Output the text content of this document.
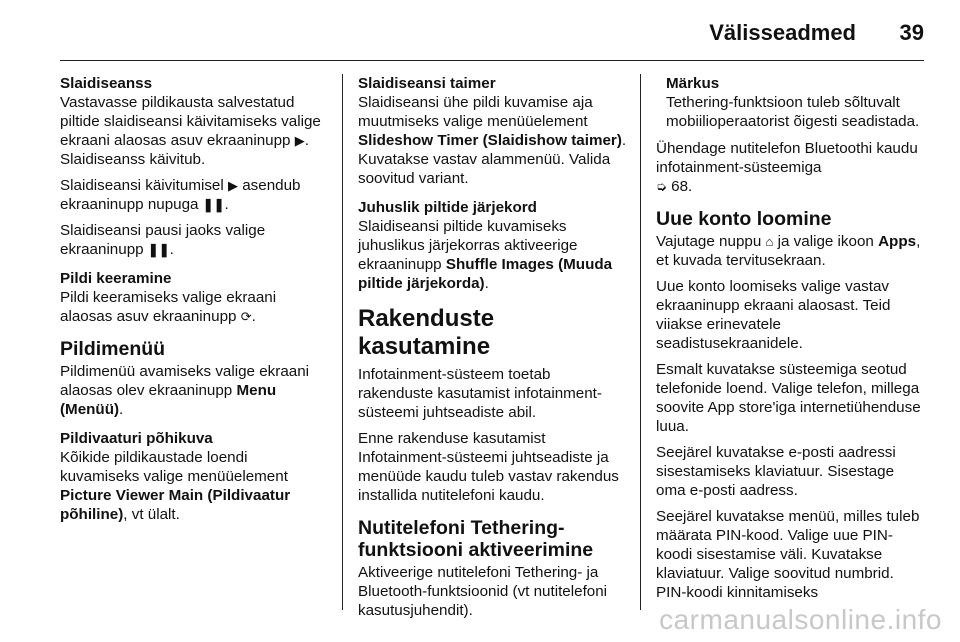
Välisseadmed 39
Slaidiseanss

Vastavasse pildikausta salvestatud piltide slaidiseansi käivitamiseks valige ekraani alaosas asuv ekraaninupp ▶. Slaidiseanss käivitub.

Slaidiseansi käivitumisel ▶ asendub ekraaninupp nupuga ❚❚.

Slaidiseansi pausi jaoks valige ekraaninupp ❚❚.

Pildi keeramine

Pildi keeramiseks valige ekraani alaosas asuv ekraaninupp ⟳.

Pildimenüü

Pildimenüü avamiseks valige ekraani alaosas olev ekraaninupp Menu (Menüü).

Pildivaaturi põhikuva

Kõikide pildikaustade loendi kuvamiseks valige menüüelement Picture Viewer Main (Pildivaatur põhiline), vt ülalt.

Slaidiseansi taimer

Slaidiseansi ühe pildi kuvamise aja muutmiseks valige menüüelement Slideshow Timer (Slaidishow taimer). Kuvatakse vastav alammenüü. Valida soovitud variant.

Juhuslik piltide järjekord

Slaidiseansi piltide kuvamiseks juhuslikus järjekorras aktiveerige ekraaninupp Shuffle Images (Muuda piltide järjekorda).

Rakenduste kasutamine

Infotainment-süsteem toetab rakenduste kasutamist infotainment-süsteemi juhtseadiste abil.

Enne rakenduse kasutamist Infotainment-süsteemi juhtseadiste ja menüüde kaudu tuleb vastav rakendus installida nutitelefoni kaudu.

Nutitelefoni Tethering-funktsiooni aktiveerimine

Aktiveerige nutitelefoni Tethering- ja Bluetooth-funktsioonid (vt nutitelefoni kasutusjuhendit).

Märkus
Tethering-funktsioon tuleb sõltuvalt mobiilioperaatorist õigesti seadistada.

Ühendage nutitelefon Bluetoothi kaudu infotainment-süsteemiga
➭ 68.

Uue konto loomine

Vajutage nuppu ⌂ ja valige ikoon Apps, et kuvada tervitusekraan.

Uue konto loomiseks valige vastav ekraaninupp ekraani alaosast. Teid viiakse erinevatele seadistusekraanidele.

Esmalt kuvatakse süsteemiga seotud telefonide loend. Valige telefon, millega soovite App store'iga internetiühenduse luua.

Seejärel kuvatakse e-posti aadressi sisestamiseks klaviatuur. Sisestage oma e-posti aadress.

Seejärel kuvatakse menüü, milles tuleb määrata PIN-kood. Valige uue PIN-koodi sisestamise väli. Kuvatakse klaviatuur. Valige soovitud numbrid. PIN-koodi kinnitamiseks

carmanualsonline.info
